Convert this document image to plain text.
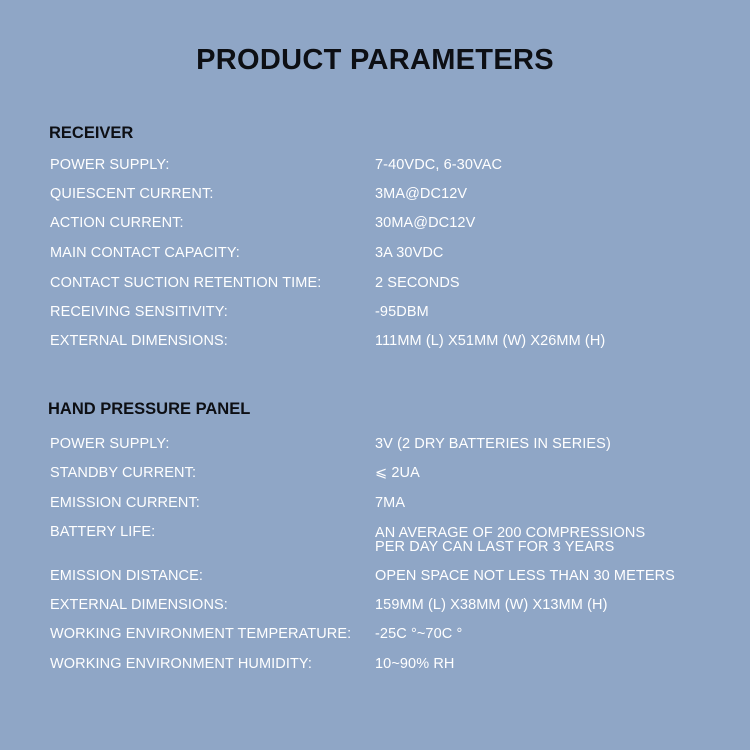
PRODUCT PARAMETERS
RECEIVER
POWER SUPPLY:	7-40VDC, 6-30VAC
QUIESCENT CURRENT:	3MA@DC12V
ACTION CURRENT:	30MA@DC12V
MAIN CONTACT CAPACITY:	3A 30VDC
CONTACT SUCTION RETENTION TIME:	2 SECONDS
RECEIVING SENSITIVITY:	-95DBM
EXTERNAL DIMENSIONS:	111MM (L) X51MM (W) X26MM (H)
HAND PRESSURE PANEL
POWER SUPPLY:	3V (2 DRY BATTERIES IN SERIES)
STANDBY CURRENT:	⩽ 2UA
EMISSION CURRENT:	7MA
BATTERY LIFE:	AN AVERAGE OF 200 COMPRESSIONS
PER DAY CAN LAST FOR 3 YEARS
EMISSION DISTANCE:	OPEN SPACE NOT LESS THAN 30 METERS
EXTERNAL DIMENSIONS:	159MM (L) X38MM (W) X13MM (H)
WORKING ENVIRONMENT TEMPERATURE: -25C °~70C °
WORKING ENVIRONMENT HUMIDITY:	10~90% RH
